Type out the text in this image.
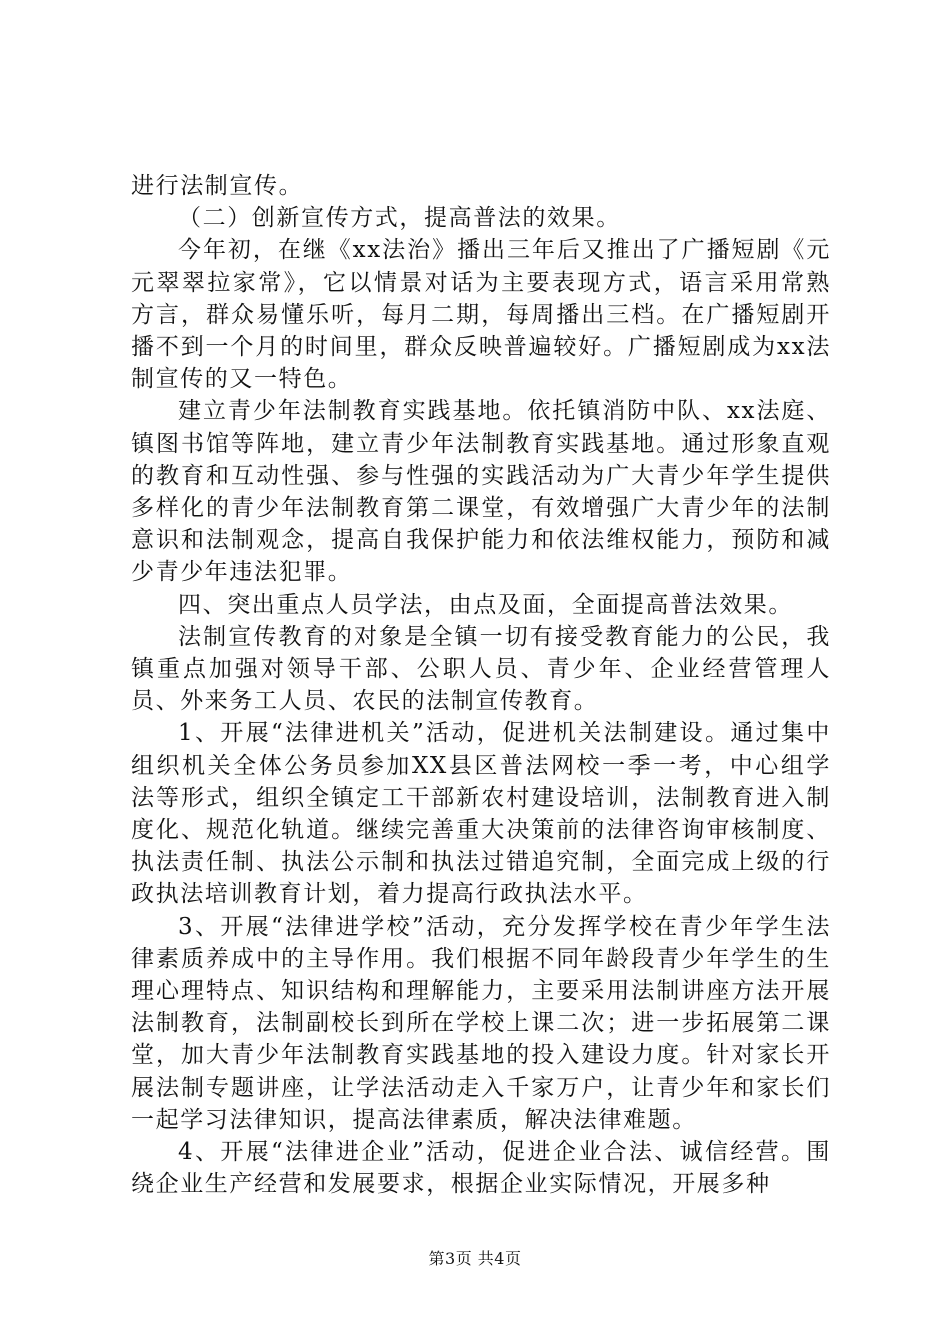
进行法制宣传。

（二）创新宣传方式，提高普法的效果。

今年初，在继《xx法治》播出三年后又推出了广播短剧《元元翠翠拉家常》，它以情景对话为主要表现方式，语言采用常熟方言，群众易懂乐听，每月二期，每周播出三档。在广播短剧开播不到一个月的时间里，群众反映普遍较好。广播短剧成为xx法制宣传的又一特色。

建立青少年法制教育实践基地。依托镇消防中队、xx法庭、镇图书馆等阵地，建立青少年法制教育实践基地。通过形象直观的教育和互动性强、参与性强的实践活动为广大青少年学生提供多样化的青少年法制教育第二课堂，有效增强广大青少年的法制意识和法制观念，提高自我保护能力和依法维权能力，预防和减少青少年违法犯罪。

四、突出重点人员学法，由点及面，全面提高普法效果。

法制宣传教育的对象是全镇一切有接受教育能力的公民，我镇重点加强对领导干部、公职人员、青少年、企业经营管理人员、外来务工人员、农民的法制宣传教育。

1、开展“法律进机关”活动，促进机关法制建设。通过集中组织机关全体公务员参加XX县区普法网校一季一考，中心组学法等形式，组织全镇定工干部新农村建设培训，法制教育进入制度化、规范化轨道。继续完善重大决策前的法律咨询审核制度、执法责任制、执法公示制和执法过错追究制，全面完成上级的行政执法培训教育计划，着力提高行政执法水平。

3、开展“法律进学校”活动，充分发挥学校在青少年学生法律素质养成中的主导作用。我们根据不同年龄段青少年学生的生理心理特点、知识结构和理解能力，主要采用法制讲座方法开展法制教育，法制副校长到所在学校上课二次；进一步拓展第二课堂，加大青少年法制教育实践基地的投入建设力度。针对家长开展法制专题讲座，让学法活动走入千家万户，让青少年和家长们一起学习法律知识，提高法律素质，解决法律难题。

4、开展“法律进企业”活动，促进企业合法、诚信经营。围绕企业生产经营和发展要求，根据企业实际情况，开展多种

第3页 共4页
